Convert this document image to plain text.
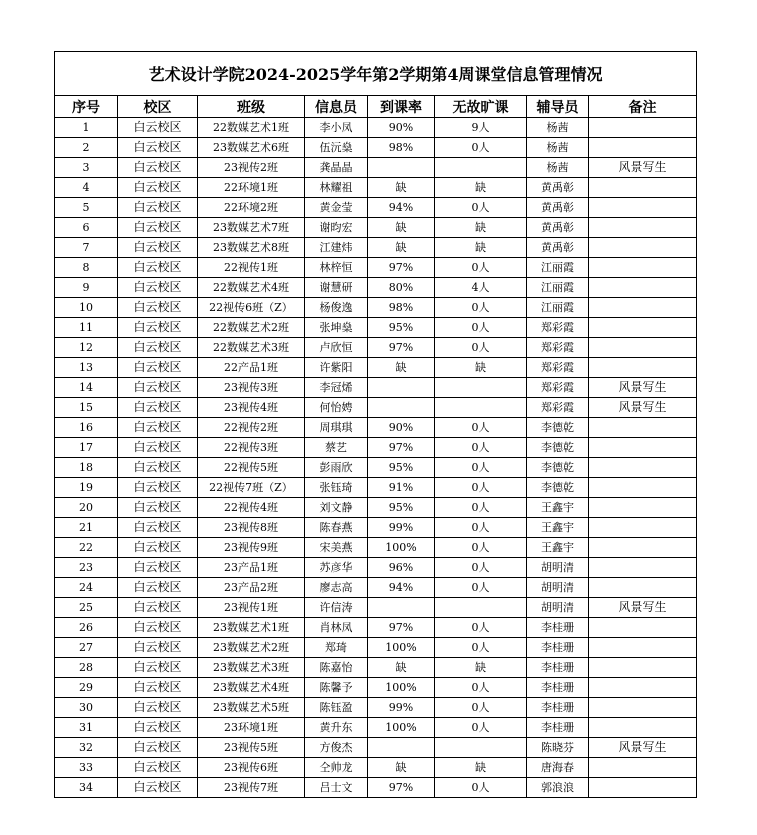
艺术设计学院2024-2025学年第2学期第4周课堂信息管理情况							
序号	校区	班级	信息员	到课率	无故旷课	辅导员	备注
1	白云校区	22数媒艺术1班	李小凤	90%	9人	杨茜	
2	白云校区	23数媒艺术6班	伍沅燊	98%	0人	杨茜	
3	白云校区	23视传2班	龚晶晶			杨茜	风景写生
4	白云校区	22环境1班	林耀祖	缺	缺	黄禹彰	
5	白云校区	22环境2班	黄金莹	94%	0人	黄禹彰	
6	白云校区	23数媒艺术7班	谢昀宏	缺	缺	黄禹彰	
7	白云校区	23数媒艺术8班	江建炜	缺	缺	黄禹彰	
8	白云校区	22视传1班	林梓恒	97%	0人	江丽霞	
9	白云校区	22数媒艺术4班	谢慧研	80%	4人	江丽霞	
10	白云校区	22视传6班（Z）	杨俊逸	98%	0人	江丽霞	
11	白云校区	22数媒艺术2班	张坤燊	95%	0人	郑彩霞	
12	白云校区	22数媒艺术3班	卢欣恒	97%	0人	郑彩霞	
13	白云校区	22产品1班	许紫阳	缺	缺	郑彩霞	
14	白云校区	23视传3班	李冠烯			郑彩霞	风景写生
15	白云校区	23视传4班	何怡娉			郑彩霞	风景写生
16	白云校区	22视传2班	周琪琪	90%	0人	李德乾	
17	白云校区	22视传3班	蔡艺	97%	0人	李德乾	
18	白云校区	22视传5班	彭雨欣	95%	0人	李德乾	
19	白云校区	22视传7班（Z）	张钰琦	91%	0人	李德乾	
20	白云校区	22视传4班	刘文静	95%	0人	王鑫宇	
21	白云校区	23视传8班	陈春燕	99%	0人	王鑫宇	
22	白云校区	23视传9班	宋美燕	100%	0人	王鑫宇	
23	白云校区	23产品1班	苏彦华	96%	0人	胡明清	
24	白云校区	23产品2班	廖志高	94%	0人	胡明清	
25	白云校区	23视传1班	许信涛			胡明清	风景写生
26	白云校区	23数媒艺术1班	肖林凤	97%	0人	李桂珊	
27	白云校区	23数媒艺术2班	郑琦	100%	0人	李桂珊	
28	白云校区	23数媒艺术3班	陈嘉怡	缺	缺	李桂珊	
29	白云校区	23数媒艺术4班	陈馨予	100%	0人	李桂珊	
30	白云校区	23数媒艺术5班	陈钰盈	99%	0人	李桂珊	
31	白云校区	23环境1班	黄升东	100%	0人	李桂珊	
32	白云校区	23视传5班	方俊杰			陈晓芬	风景写生
33	白云校区	23视传6班	仝帅龙	缺	缺	唐海春	
34	白云校区	23视传7班	吕士文	97%	0人	郭浪浪	
